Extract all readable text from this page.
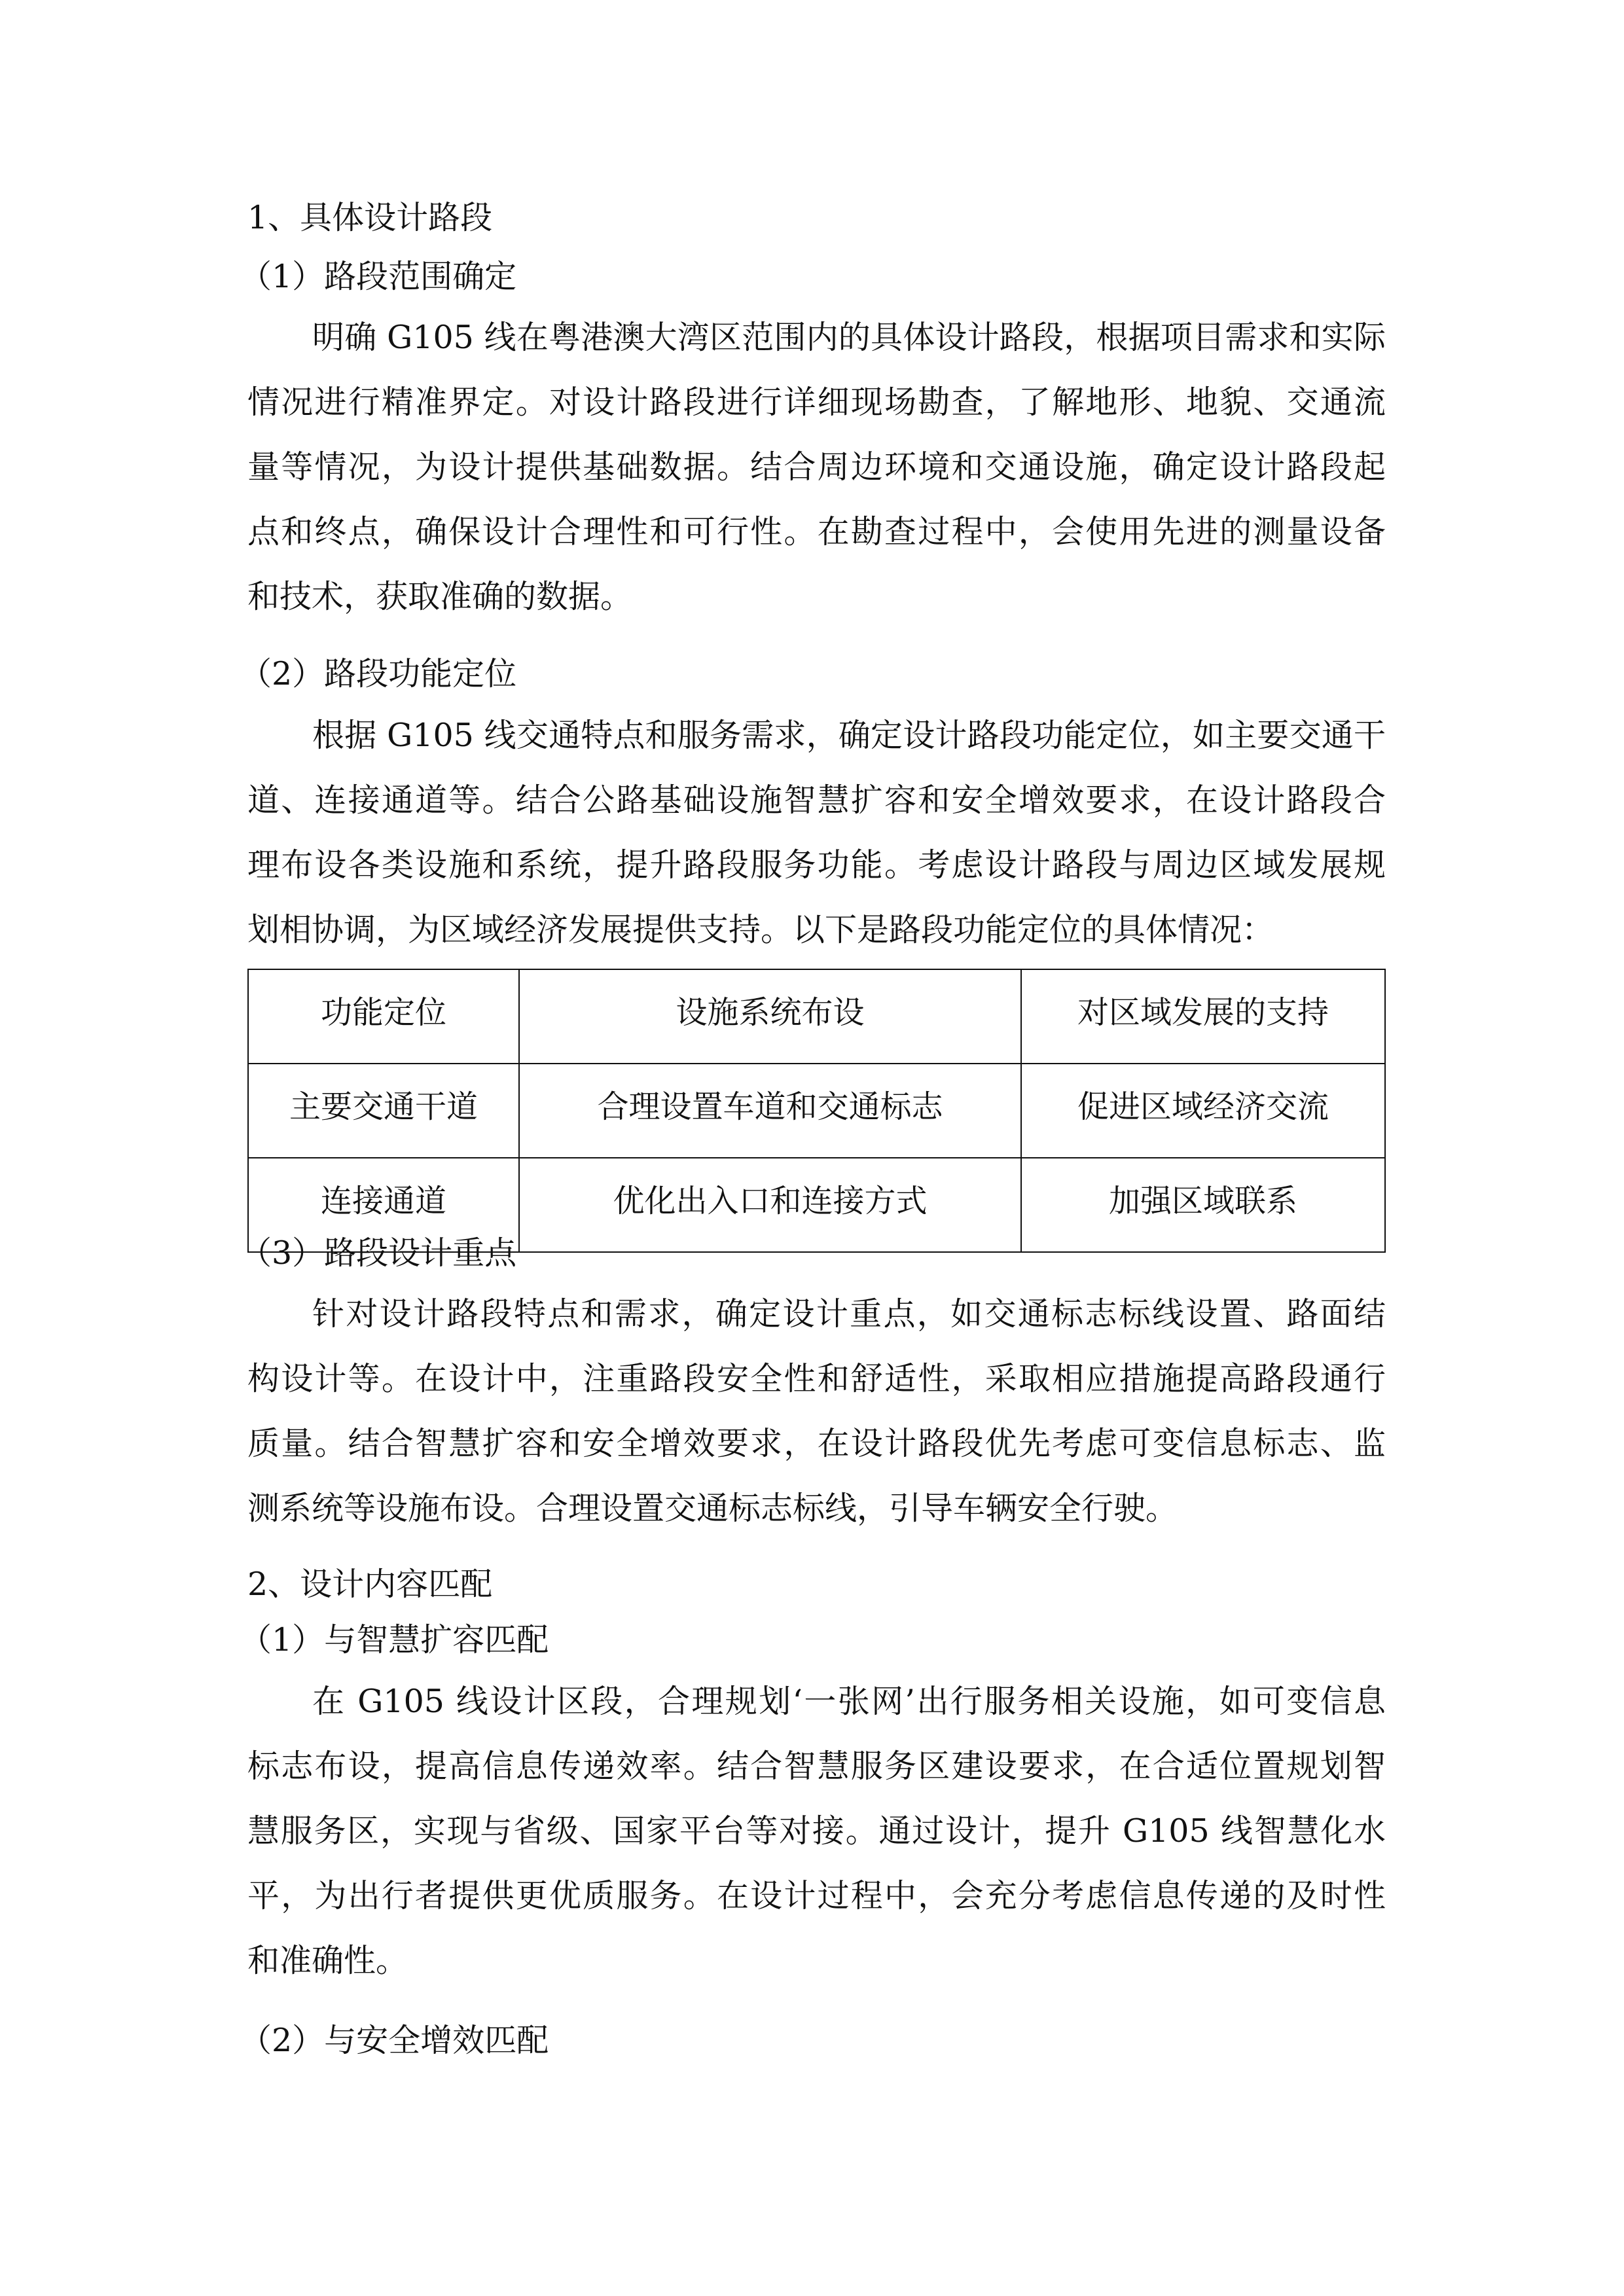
1、具体设计路段
（1）路段范围确定
明确 G105 线在粤港澳大湾区范围内的具体设计路段，根据项目需求和实际
情况进行精准界定。对设计路段进行详细现场勘查，了解地形、地貌、交通流
量等情况，为设计提供基础数据。结合周边环境和交通设施，确定设计路段起
点和终点，确保设计合理性和可行性。在勘查过程中，会使用先进的测量设备
和技术，获取准确的数据。
（2）路段功能定位
根据 G105 线交通特点和服务需求，确定设计路段功能定位，如主要交通干
道、连接通道等。结合公路基础设施智慧扩容和安全增效要求，在设计路段合
理布设各类设施和系统，提升路段服务功能。考虑设计路段与周边区域发展规
划相协调，为区域经济发展提供支持。以下是路段功能定位的具体情况：
功能定位	设施系统布设	对区域发展的支持
主要交通干道	合理设置车道和交通标志	促进区域经济交流
连接通道	优化出入口和连接方式	加强区域联系
（3）路段设计重点
针对设计路段特点和需求，确定设计重点，如交通标志标线设置、路面结
构设计等。在设计中，注重路段安全性和舒适性，采取相应措施提高路段通行
质量。结合智慧扩容和安全增效要求，在设计路段优先考虑可变信息标志、监
测系统等设施布设。合理设置交通标志标线，引导车辆安全行驶。
2、设计内容匹配
（1）与智慧扩容匹配
在 G105 线设计区段，合理规划‘一张网’出行服务相关设施，如可变信息
标志布设，提高信息传递效率。结合智慧服务区建设要求，在合适位置规划智
慧服务区，实现与省级、国家平台等对接。通过设计，提升 G105 线智慧化水
平，为出行者提供更优质服务。在设计过程中，会充分考虑信息传递的及时性
和准确性。
（2）与安全增效匹配
